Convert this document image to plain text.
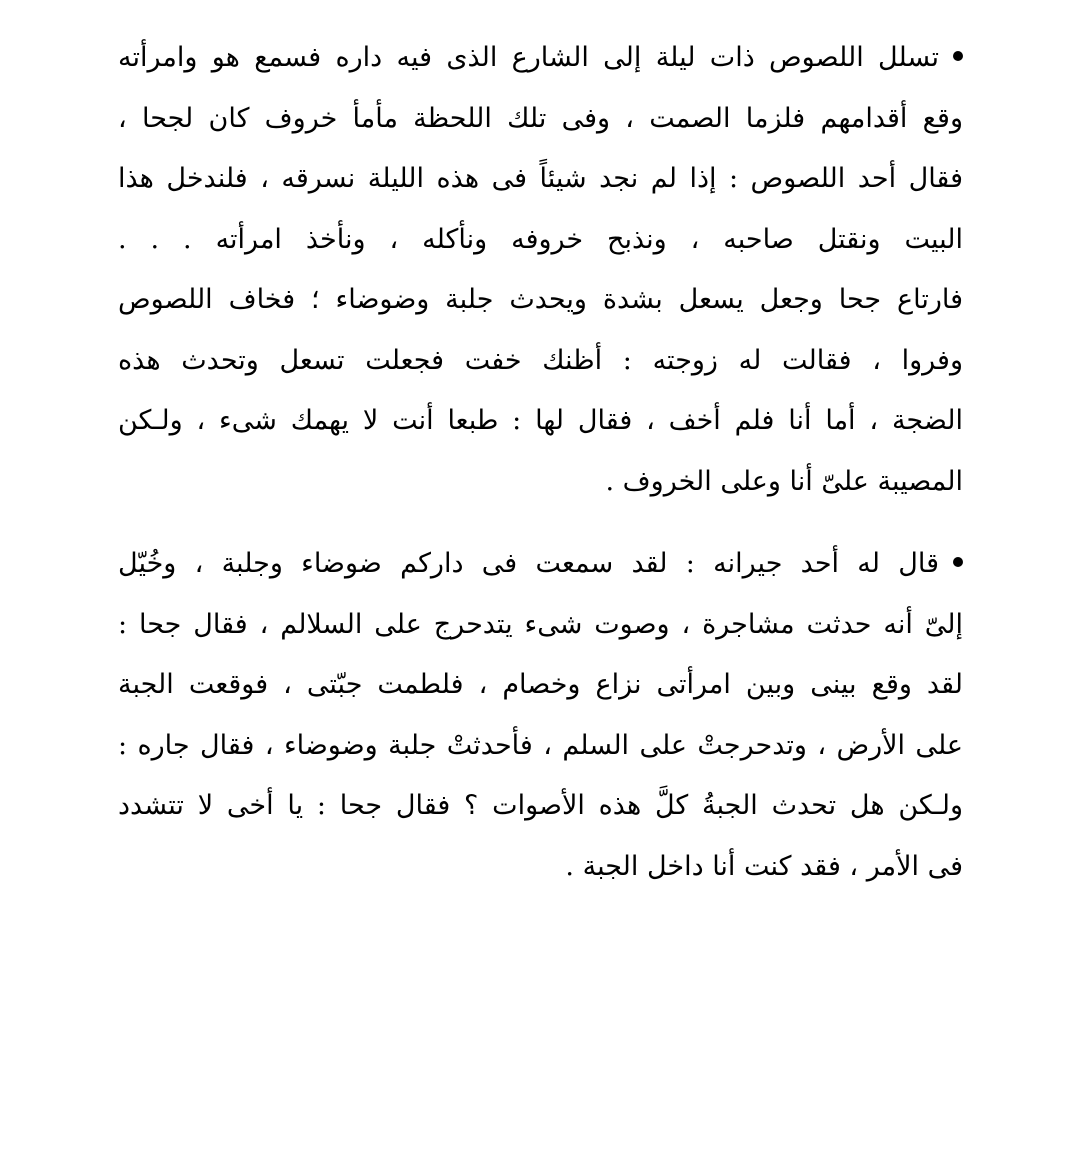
تسلل اللصوص ذات ليلة إلى الشارع الذى فيه داره فسمع هو وامرأته
وقع أقدامهم فلزما الصمت ، وفى تلك اللحظة مأمأ خروف كان لجحا ،
فقال أحد اللصوص : إذا لم نجد شيئاً فى هذه الليلة نسرقه ، فلندخل هذا
البيت ونقتل صاحبه ، ونذبح خروفه ونأكله ، ونأخذ امرأته . . .
فارتاع جحا وجعل يسعل بشدة ويحدث جلبة وضوضاء ؛ فخاف اللصوص
وفروا ، فقالت له زوجته : أظنك خفت فجعلت تسعل وتحدث هذه
الضجة ، أما أنا فلم أخف ، فقال لها : طبعا أنت لا يهمك شىء ، ولـكن
المصيبة علىّ أنا وعلى الخروف .
قال له أحد جيرانه : لقد سمعت فى داركم ضوضاء وجلبة ، وخُيّل
إلىّ أنه حدثت مشاجرة ، وصوت شىء يتدحرج على السلالم ، فقال جحا :
لقد وقع بينى وبين امرأتى نزاع وخصام ، فلطمت جبّتى ، فوقعت الجبة
على الأرض ، وتدحرجتْ على السلم ، فأحدثتْ جلبة وضوضاء ، فقال جاره :
ولـكن هل تحدث الجبةُ كلَّ هذه الأصوات ؟ فقال جحا : يا أخى لا تتشدد
فى الأمر ، فقد كنت أنا داخل الجبة .
